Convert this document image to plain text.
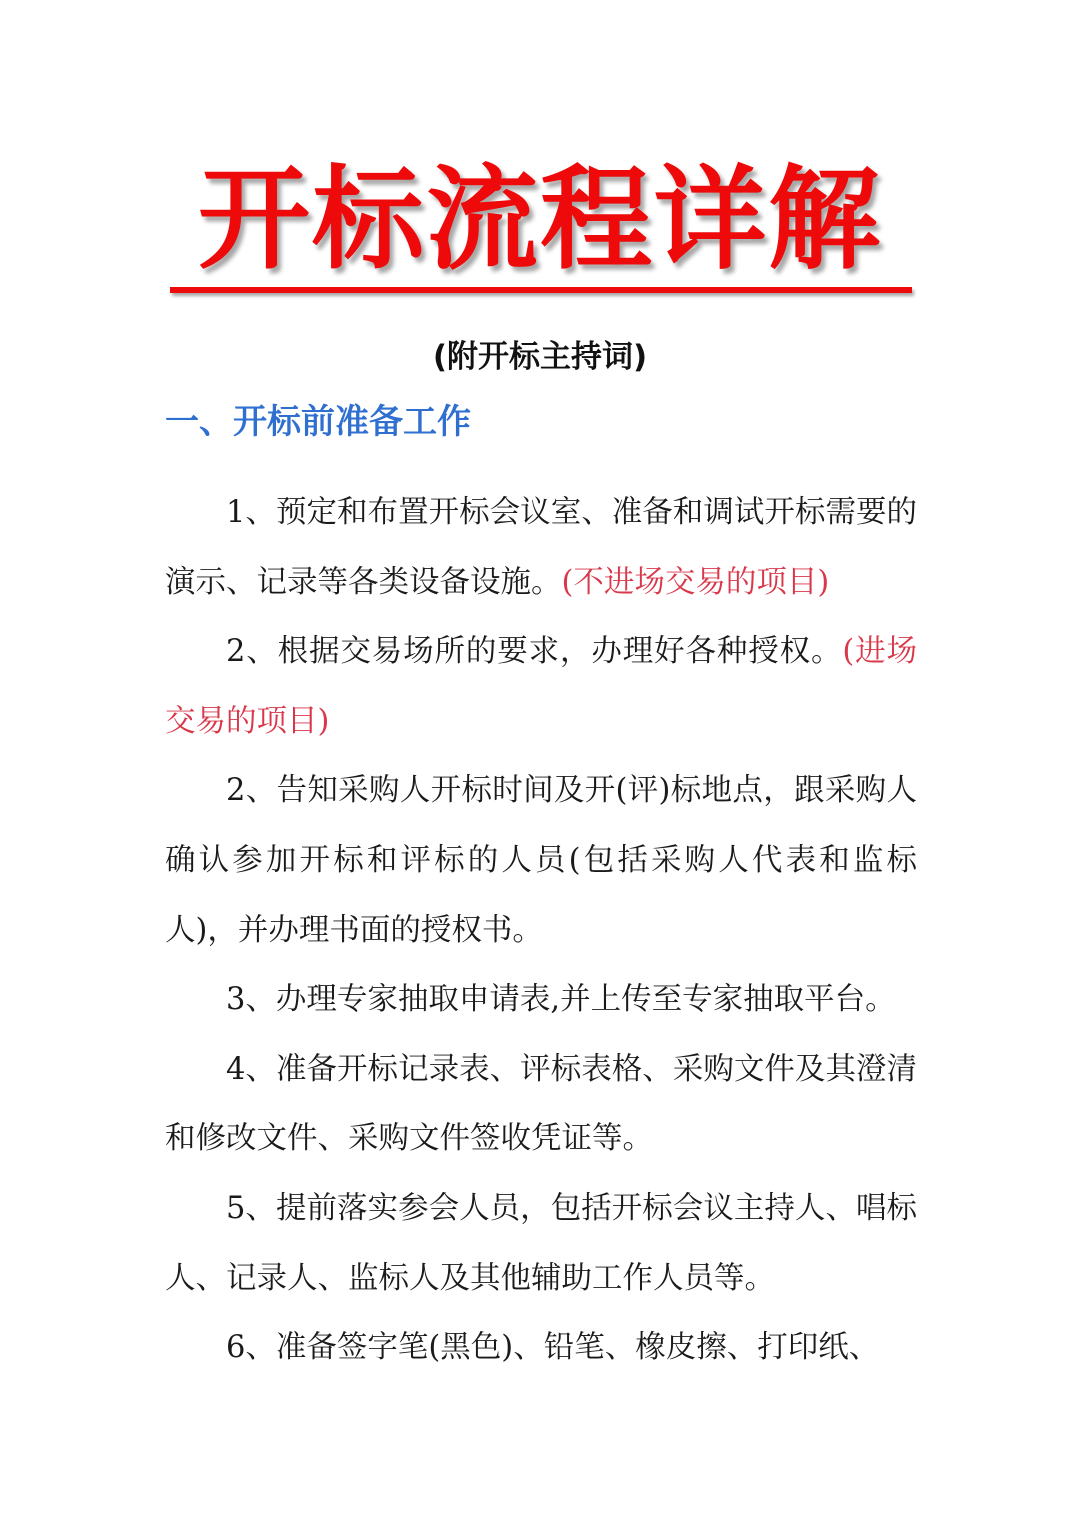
开标流程详解
(附开标主持词)
一、开标前准备工作

1、预定和布置开标会议室、准备和调试开标需要的演示、记录等各类设备设施。(不进场交易的项目)

2、根据交易场所的要求，办理好各种授权。(进场交易的项目)

2、告知采购人开标时间及开(评)标地点，跟采购人确认参加开标和评标的人员(包括采购人代表和监标人)，并办理书面的授权书。

3、办理专家抽取申请表,并上传至专家抽取平台。

4、准备开标记录表、评标表格、采购文件及其澄清和修改文件、采购文件签收凭证等。

5、提前落实参会人员，包括开标会议主持人、唱标人、记录人、监标人及其他辅助工作人员等。

6、准备签字笔(黑色)、铅笔、橡皮擦、打印纸、
